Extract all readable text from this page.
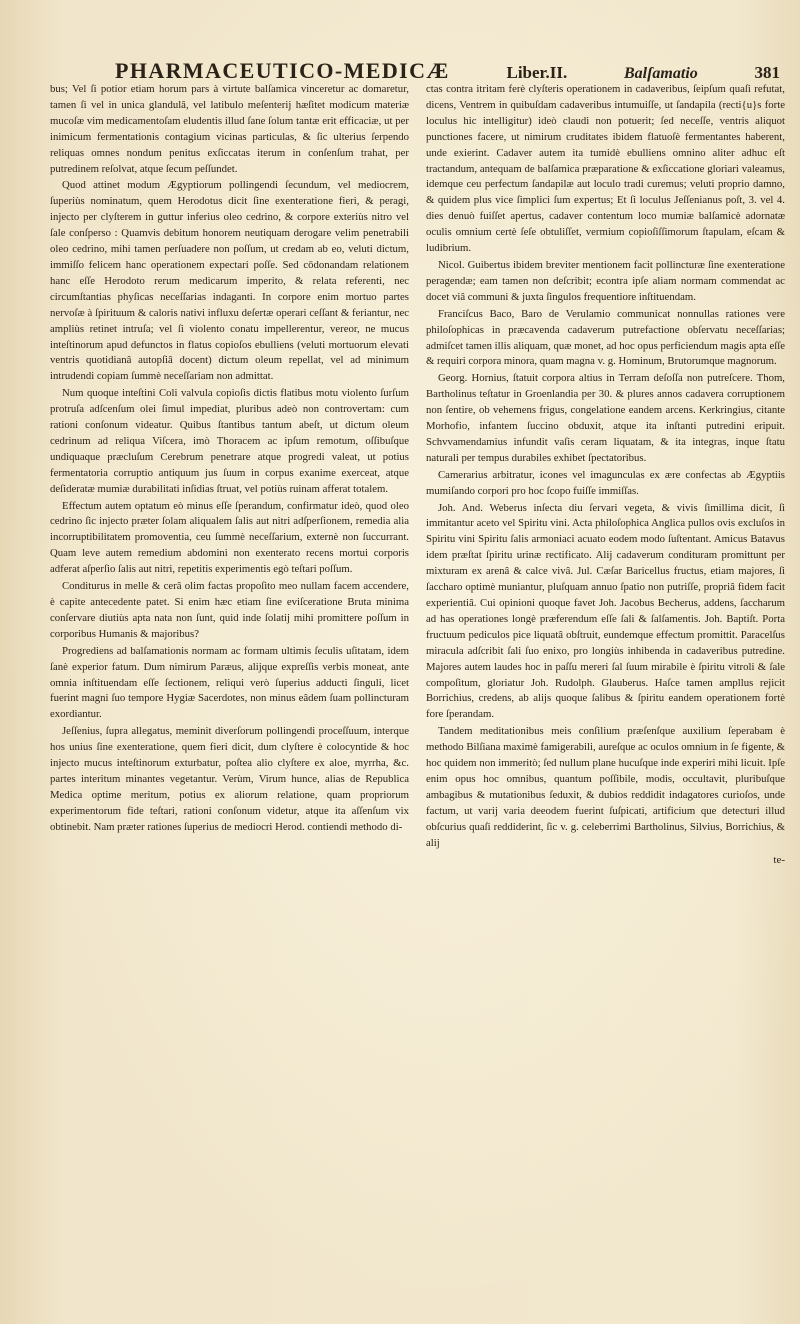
PHARMACEUTICO-MEDICÆ	Liber.II.	Balſamatio	381

bus; Vel ſi potior etiam horum pars à virtute balſamica vinceretur ac domaretur, tamen ſi vel in unica glandulâ, vel latibulo meſenterij hæſitet modicum materiæ mucoſæ vim medicamentoſam eludentis illud ſane ſolum tantæ erit efficaciæ, ut per inimicum fermentationis contagium vicinas particulas, & ſic ulterius ſerpendo reliquas omnes nondum penitus exſiccatas iterum in conſenſum trahat, per putredinem reſolvat, atque ſecum peſſundet.

Quod attinet modum Ægyptiorum pollingendi ſecundum, vel mediocrem, ſuperiùs nominatum, quem Herodotus dicit ſine exenteratione fieri, & peragi, injecto per clyſterem in guttur inferius oleo cedrino, & corpore exteriùs nitro vel ſale conſperso : Quamvis debitum honorem neutiquam derogare velim penetrabili oleo cedrino, mihi tamen perſuadere non poſſum, ut credam ab eo, veluti dictum, immiſſo felicem hanc operationem expectari poſſe. Sed cōdonandam relationem hanc eſſe Herodoto rerum medicarum imperito, & relata referenti, nec circumſtantias phyſicas neceſſarias indaganti. In corpore enim mortuo partes nervoſæ à ſpirituum & caloris nativi influxu deſertæ operari ceſſant & feriantur, nec ampliùs retinet intruſa; vel ſi violento conatu impellerentur, vereor, ne mucus inteſtinorum apud defunctos in flatus copioſos ebulliens (veluti mortuorum elevati ventris quotidianâ autopſiâ docent) dictum oleum repellat, vel ad minimum intrudendi copiam ſummè neceſſariam non admittat.

Num quoque inteſtini Coli valvula copioſis dictis flatibus motu violento ſurſum protruſa adſcenſum olei ſimul impediat, pluribus adeò non controvertam: cum rationi conſonum videatur. Quibus ſtantibus tantum abeſt, ut dictum oleum cedrinum ad reliqua Viſcera, imò Thoracem ac ipſum remotum, oſſibuſque undiquaque præcluſum Cerebrum penetrare atque progredi valeat, ut potius fermentatoria corruptio antiquum jus ſuum in corpus exanime exerceat, atque deſideratæ mumiæ durabilitati inſidias ſtruat, vel potiùs ruinam afferat totalem.

Effectum autem optatum eò minus eſſe ſperandum, confirmatur ideò, quod oleo cedrino ſic injecto præter ſolam aliqualem ſalis aut nitri adſperſionem, remedia alia incorruptibilitatem promoventia, ceu ſummè neceſſarium, externè non ſuccurrant. Quam leve autem remedium abdomini non exenterato recens mortui corporis adferat aſperſio ſalis aut nitri, repetitis experimentis egò teſtari poſſum.

Conditurus in melle & cerâ olim factas propoſito meo nullam facem accendere, è capite antecedente patet. Si enim hæc etiam ſine eviſceratione Bruta minima conſervare diutiùs apta nata non ſunt, quid inde ſolatij mihi promittere poſſum in corporibus Humanis & majoribus?

Progrediens ad balſamationis normam ac formam ultimis ſeculis uſitatam, idem ſanè experior fatum. Dum nimirum Paræus, alijque expreſſis verbis moneat, ante omnia inſtituendam eſſe ſectionem, reliqui verò ſuperius adducti ſinguli, licet fuerint magni ſuo tempore Hygiæ Sacerdotes, non minus eâdem ſuam pollincturam exordiantur.

Jeſſenius, ſupra allegatus, meminit diverſorum pollingendi proceſſuum, interque hos unius ſine exenteratione, quem fieri dicit, dum clyſtere è colocyntide & hoc injecto mucus inteſtinorum exturbatur, poſtea alio clyſtere ex aloe, myrrha, &c. partes interitum minantes vegetantur. Verùm, Virum hunce, alias de Republica Medica optime meritum, potius ex aliorum relatione, quam propriorum experimentorum fide teſtari, rationi conſonum videtur, atque ita aſſenſum vix obtinebit. Nam præter rationes ſuperius de mediocri Herod. contiendi methodo di-

ctas contra itritam ferè clyſteris operationem in cadaveribus, ſeipſum quaſi refutat, dicens, Ventrem in quibuſdam cadaveribus intumuiſſe, ut ſandapila (recti{u}s forte loculus hic intelligitur) ideò claudi non potuerit; ſed neceſſe, ventris aliquot punctiones facere, ut nimirum cruditates ibidem flatuoſè fermentantes haberent, unde exierint. Cadaver autem ita tumidè ebulliens omnino aliter adhuc eſt tractandum, antequam de balſamica præparatione & exſiccatione gloriari valeamus, idemque ceu perfectum ſandapilæ aut loculo tradi curemus; veluti proprio damno, & quidem plus vice ſimplici ſum expertus; Et ſi loculus Jeſſenianus poſt, 3. vel 4. dies denuò fuiſſet apertus, cadaver contentum loco mumiæ balſamicè adornatæ oculis omnium certè ſeſe obtuliſſet, vermium copioſiſſimorum ſtapulam, eſcam & ludibrium.

Nicol. Guibertus ibidem breviter mentionem facit pollincturæ ſine exenteratione peragendæ; eam tamen non deſcribit; econtra ipſe aliam normam commendat ac docet viâ communi & juxta ſingulos frequentiore inſtituendam.

Franciſcus Baco, Baro de Verulamio communicat nonnullas rationes vere philoſophicas in præcavenda cadaverum putrefactione obſervatu neceſſarias; admiſcet tamen illis aliquam, quæ monet, ad hoc opus perficiendum magis apta eſſe & requiri corpora minora, quam magna v. g. Hominum, Brutorumque magnorum.

Georg. Hornius, ſtatuit corpora altius in Terram deſoſſa non putreſcere. Thom, Bartholinus teſtatur in Groenlandia per 30. & plures annos cadavera corruptionem non ſentire, ob vehemens frigus, congelatione eandem arcens. Kerkringius, citante Morhofio, infantem ſuccino obduxit, atque ita inſtanti putredini eripuit. Schvvamendamius infundit vaſis ceram liquatam, & ita integras, inque ſtatu naturali per tempus durabiles exhibet ſpectatoribus.

Camerarius arbitratur, icones vel imagunculas ex ære confectas ab Ægyptiis mumiſando corpori pro hoc ſcopo fuiſſe immiſſas.

Joh. And. Weberus inſecta diu ſervari vegeta, & vivis ſimillima dicit, ſi immitantur aceto vel Spiritu vini. Acta philoſophica Anglica pullos ovis excluſos in Spiritu vini Spiritu ſalis armoniaci acuato eodem modo ſuſtentant. Amicus Batavus idem præſtat ſpiritu urinæ rectificato. Alij cadaverum condituram promittunt per mixturam ex arenâ & calce vivâ. Jul. Cæſar Baricellus fructus, etiam majores, ſi ſaccharo optimè muniantur, pluſquam annuo ſpatio non putriſſe, propriâ fidem facit experientiâ. Cui opinioni quoque favet Joh. Jacobus Becherus, addens, ſaccharum ad has operationes longè præferendum eſſe ſali & ſalſamentis. Joh. Baptiſt. Porta fructuum pediculos pice liquatâ obſtruit, eundemque effectum promittit. Paracelſus miracula adſcribit ſali ſuo enixo, pro longiùs inhibenda in cadaveribus putredine. Majores autem laudes hoc in paſſu mereri ſal ſuum mirabile è ſpiritu vitroli & ſale compoſitum, gloriatur Joh. Rudolph. Glauberus. Haſce tamen ampllus rejicit Borrichius, credens, ab alijs quoque ſalibus & ſpiritu eandem operationem fortè fore ſperandam.

Tandem meditationibus meis conſilium præſenſque auxilium ſeperabam è methodo Bilſiana maximè famigerabili, aureſque ac oculos omnium in ſe figente, & hoc quidem non immeritò; ſed nullum plane hucuſque inde experiri mihi licuit. Ipſe enim opus hoc omnibus, quantum poſſibile, modis, occultavit, pluribuſque ambagibus & mutationibus ſeduxit, & dubios reddidit indagatores curioſos, unde factum, ut varij varia deeodem fuerint ſuſpicati, artificium que detecturi illud obſcurius quaſi reddiderint, ſic v. g. celeberrimi Bartholinus, Silvius, Borrichius, & alij

te-
